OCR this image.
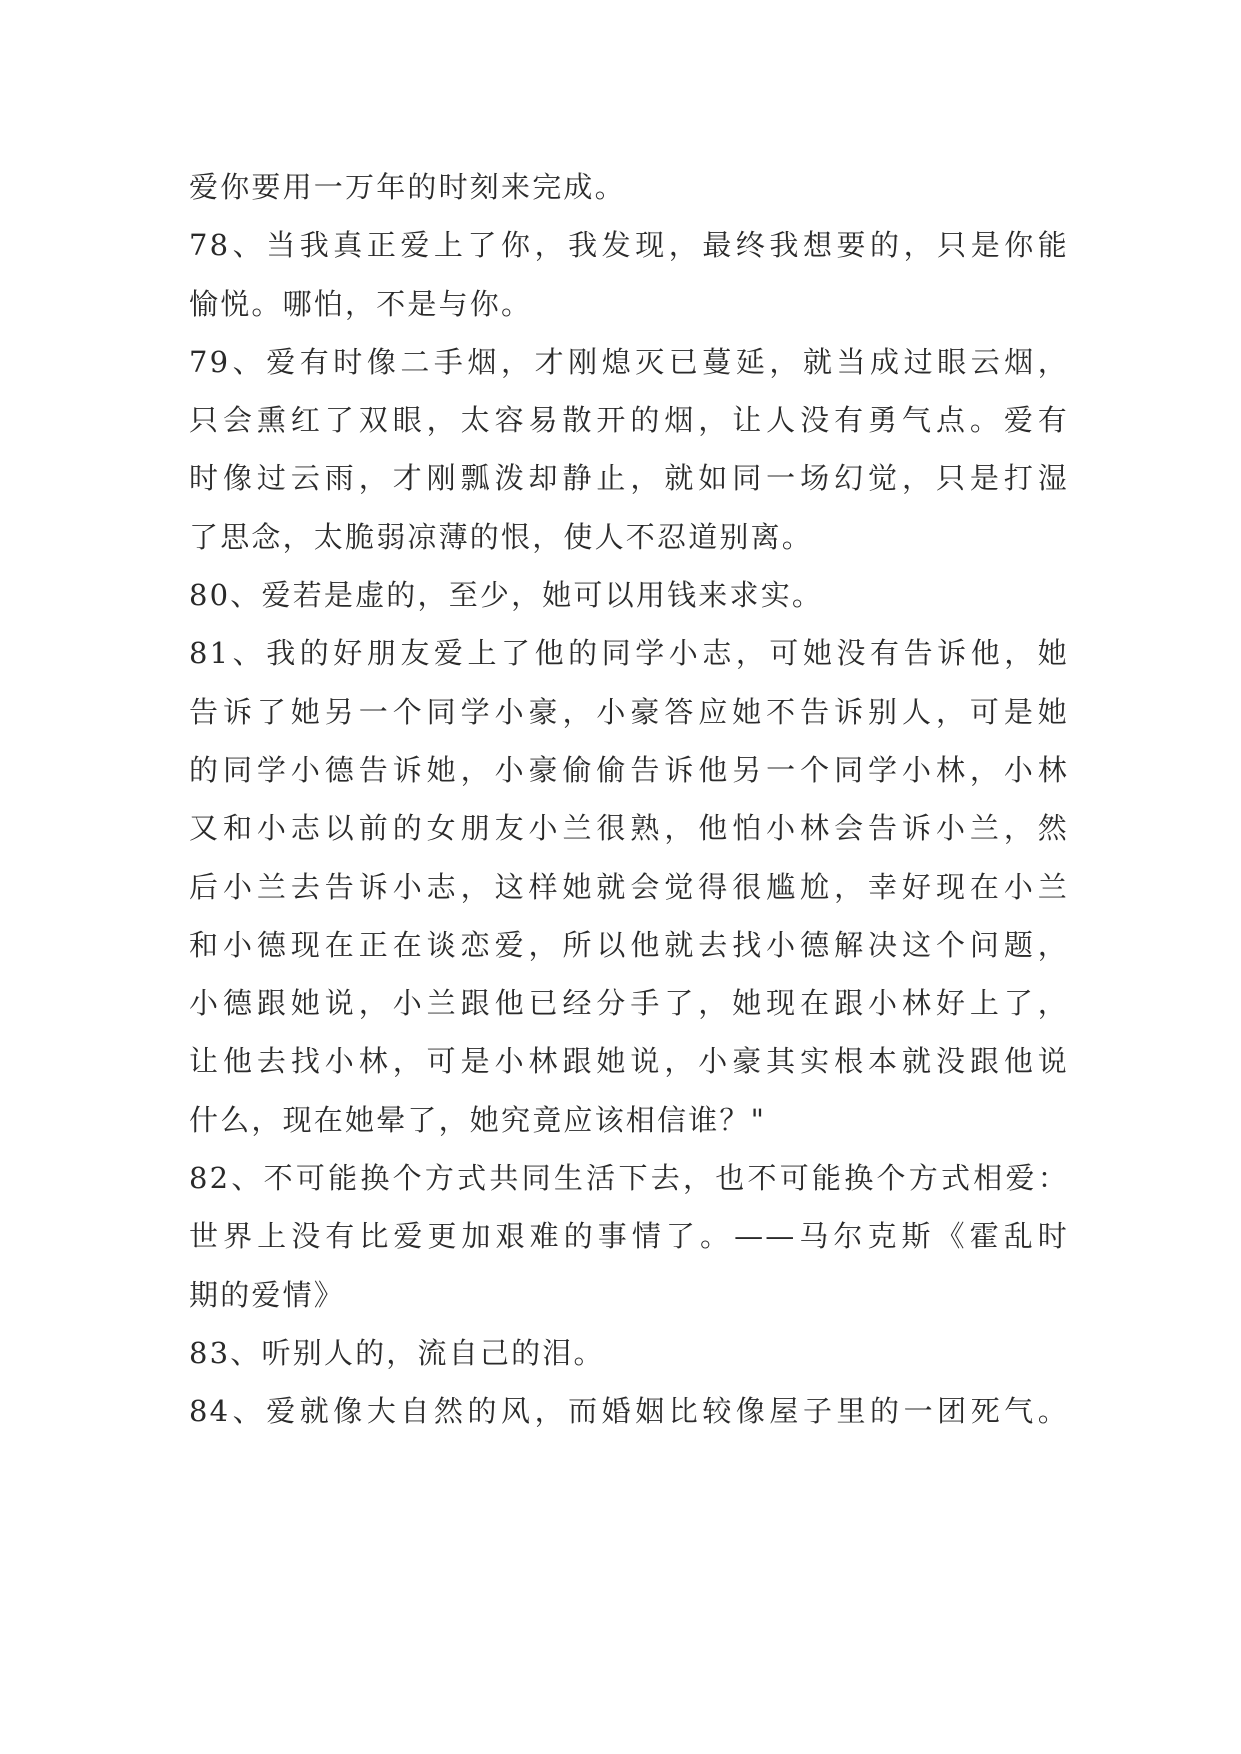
爱你要用一万年的时刻来完成。
78、当我真正爱上了你，我发现，最终我想要的，只是你能
愉悦。哪怕，不是与你。
79、爱有时像二手烟，才刚熄灭已蔓延，就当成过眼云烟，
只会熏红了双眼，太容易散开的烟，让人没有勇气点。爱有
时像过云雨，才刚瓢泼却静止，就如同一场幻觉，只是打湿
了思念，太脆弱凉薄的恨，使人不忍道别离。
80、爱若是虚的，至少，她可以用钱来求实。
81、我的好朋友爱上了他的同学小志，可她没有告诉他，她
告诉了她另一个同学小豪，小豪答应她不告诉别人，可是她
的同学小德告诉她，小豪偷偷告诉他另一个同学小林，小林
又和小志以前的女朋友小兰很熟，他怕小林会告诉小兰，然
后小兰去告诉小志，这样她就会觉得很尴尬，幸好现在小兰
和小德现在正在谈恋爱，所以他就去找小德解决这个问题，
小德跟她说，小兰跟他已经分手了，她现在跟小林好上了，
让他去找小林，可是小林跟她说，小豪其实根本就没跟他说
什么，现在她晕了，她究竟应该相信谁？"
82、不可能换个方式共同生活下去，也不可能换个方式相爱：
世界上没有比爱更加艰难的事情了。——马尔克斯《霍乱时
期的爱情》
83、听别人的，流自己的泪。
84、爱就像大自然的风，而婚姻比较像屋子里的一团死气。
